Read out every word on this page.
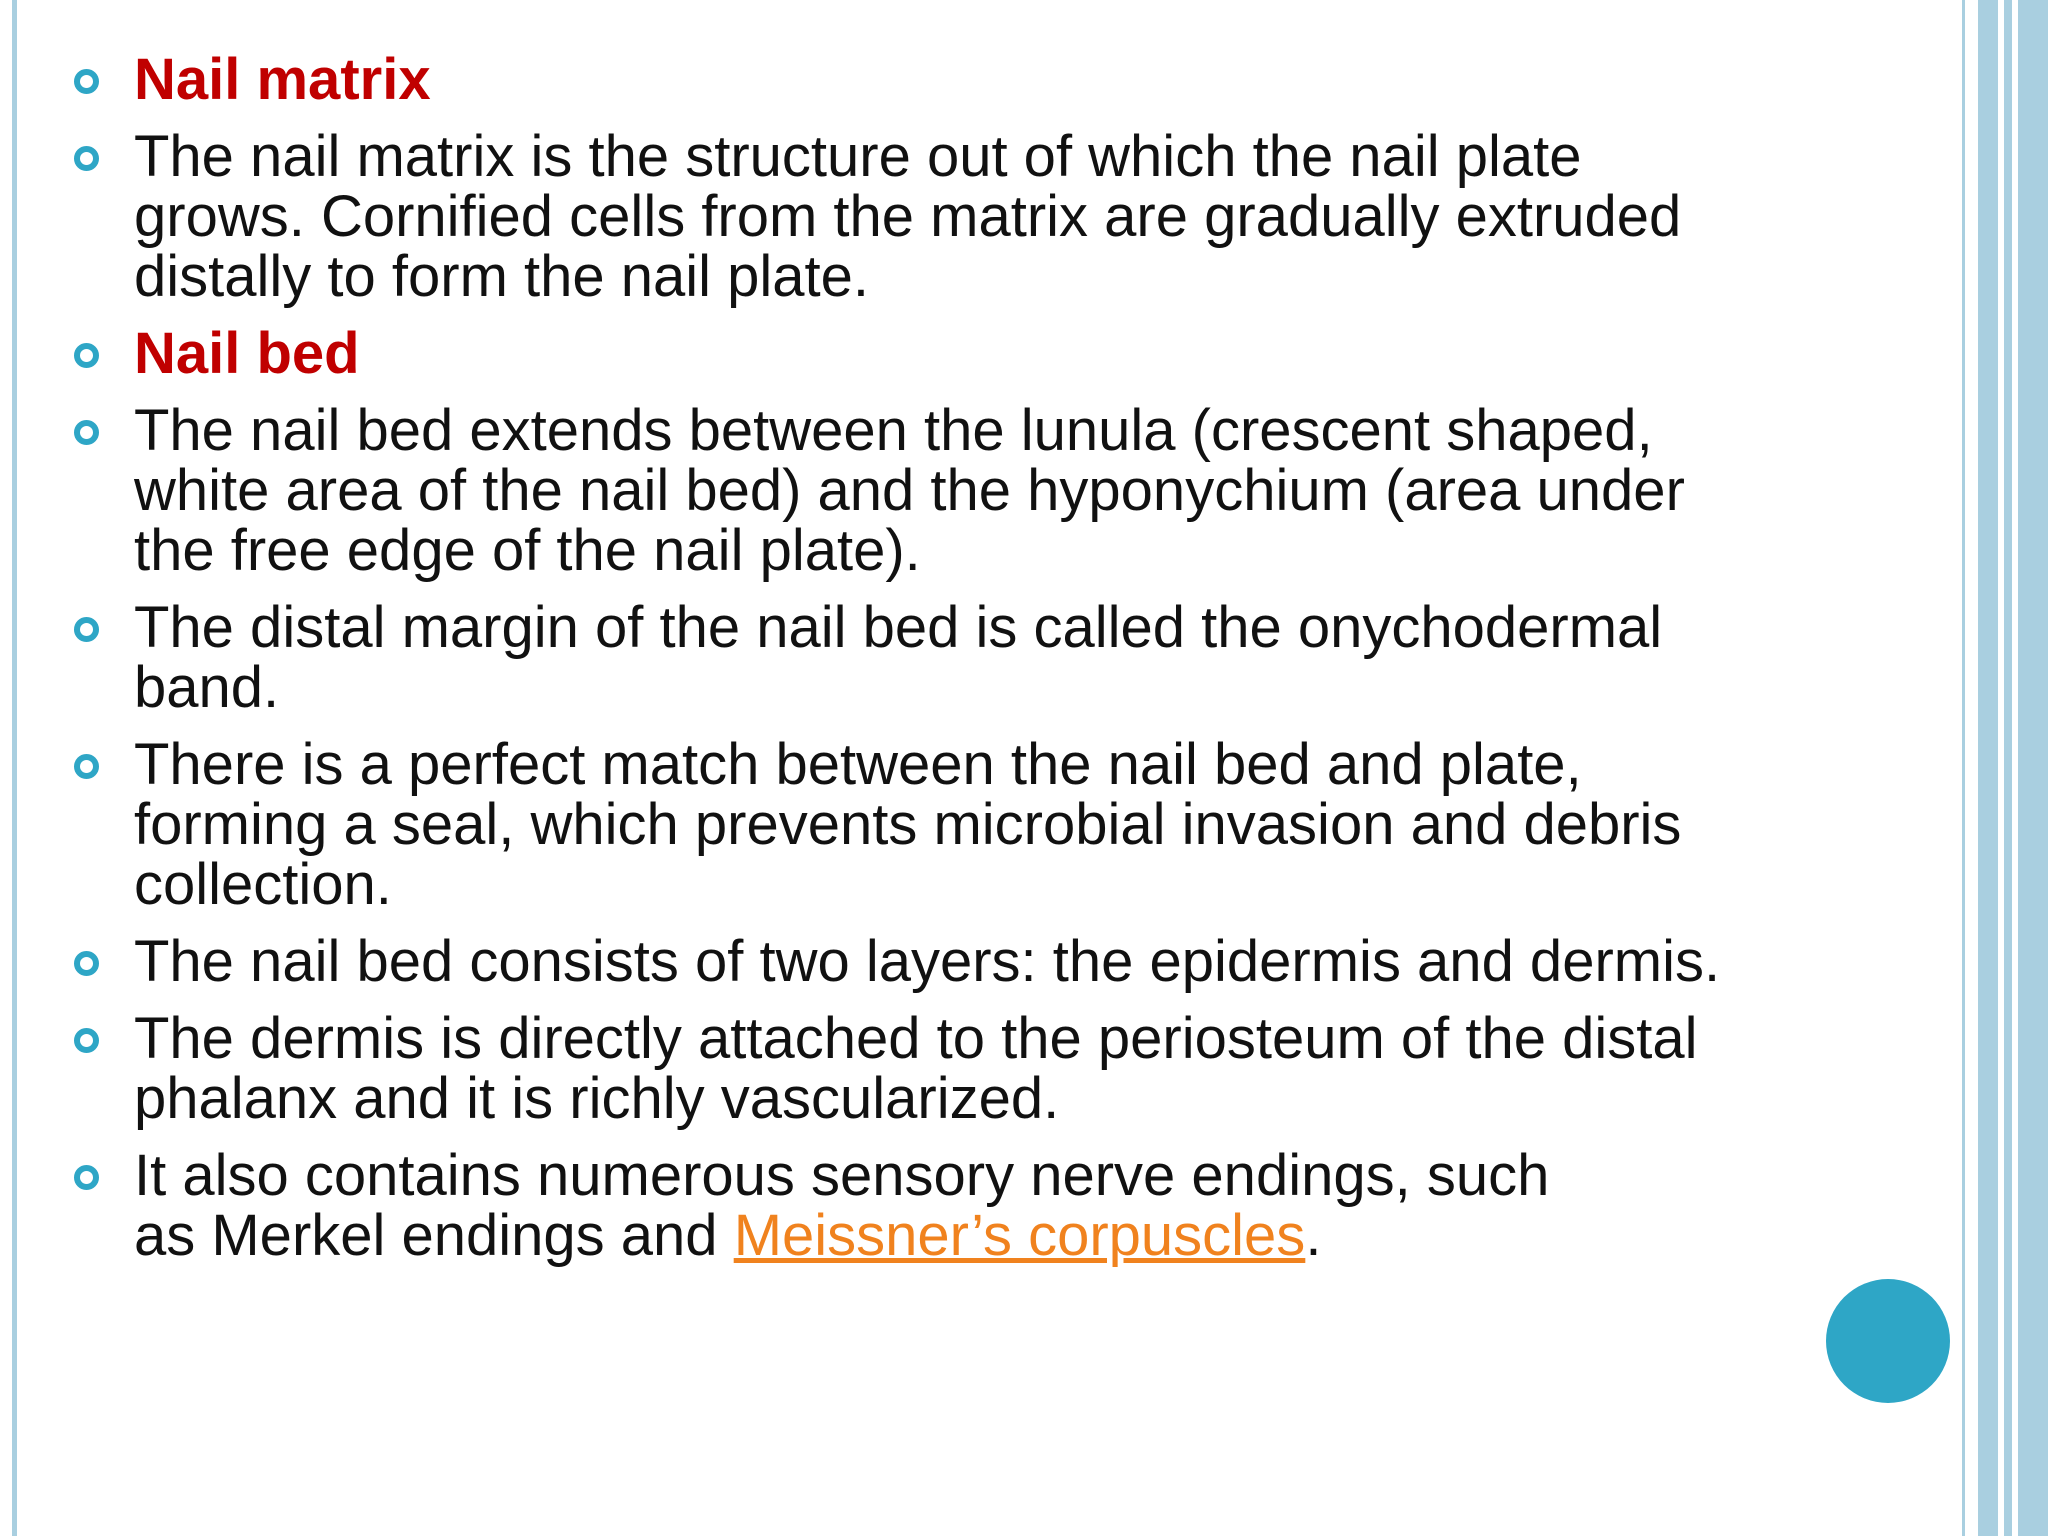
Nail matrix
The nail matrix is the structure out of which the nail plate
grows. Cornified cells from the matrix are gradually extruded
distally to form the nail plate.
Nail bed
The nail bed extends between the lunula (crescent shaped,
white area of the nail bed) and the hyponychium (area under
the free edge of the nail plate).
The distal margin of the nail bed is called the onychodermal
band.
There is a perfect match between the nail bed and plate,
forming a seal, which prevents microbial invasion and debris
collection.
The nail bed consists of two layers: the epidermis and dermis.
The dermis is directly attached to the periosteum of the distal
phalanx and it is richly vascularized.
It also contains numerous sensory nerve endings, such
as Merkel endings and Meissner’s corpuscles.
